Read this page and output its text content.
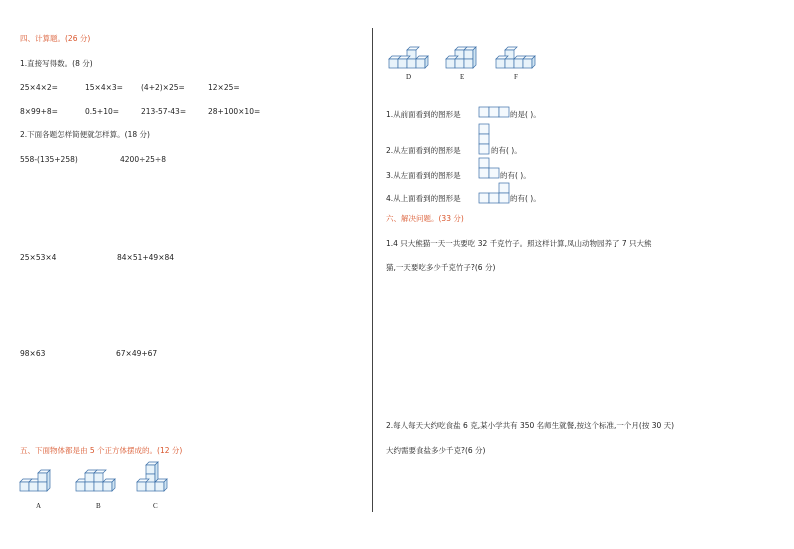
四、计算题。(26 分)
1.直接写得数。(8 分)
25×4×2=	15×4×3= (4+2)×25=	12×25=
8×99+8=	0.5+10=	213-57-43=	28+100×10=
2.下面各题怎样简便就怎样算。(18 分)
558-(135+258)	4200÷25÷8
25×53×4	84×51+49×84
98×63	67×49+67
五、下面物体都是由 5 个正方体摆成的。(12 分)
A	B	C
D	E	F
1.从前面看到的图形是	的是( )。
2.从左面看到的图形是	的有( )。
3.从左面看到的图形是	的有( )。
4.从上面看到的图形是	的有( )。
六、解决问题。(33 分)
1.4 只大熊猫一天一共要吃 32 千克竹子。照这样计算,凤山动物园养了 7 只大熊
猫,一天要吃多少千克竹子?(6 分)
2.每人每天大约吃食盐 6 克,某小学共有 350 名师生就餐,按这个标准,一个月(按 30 天)
大约需要食盐多少千克?(6 分)
